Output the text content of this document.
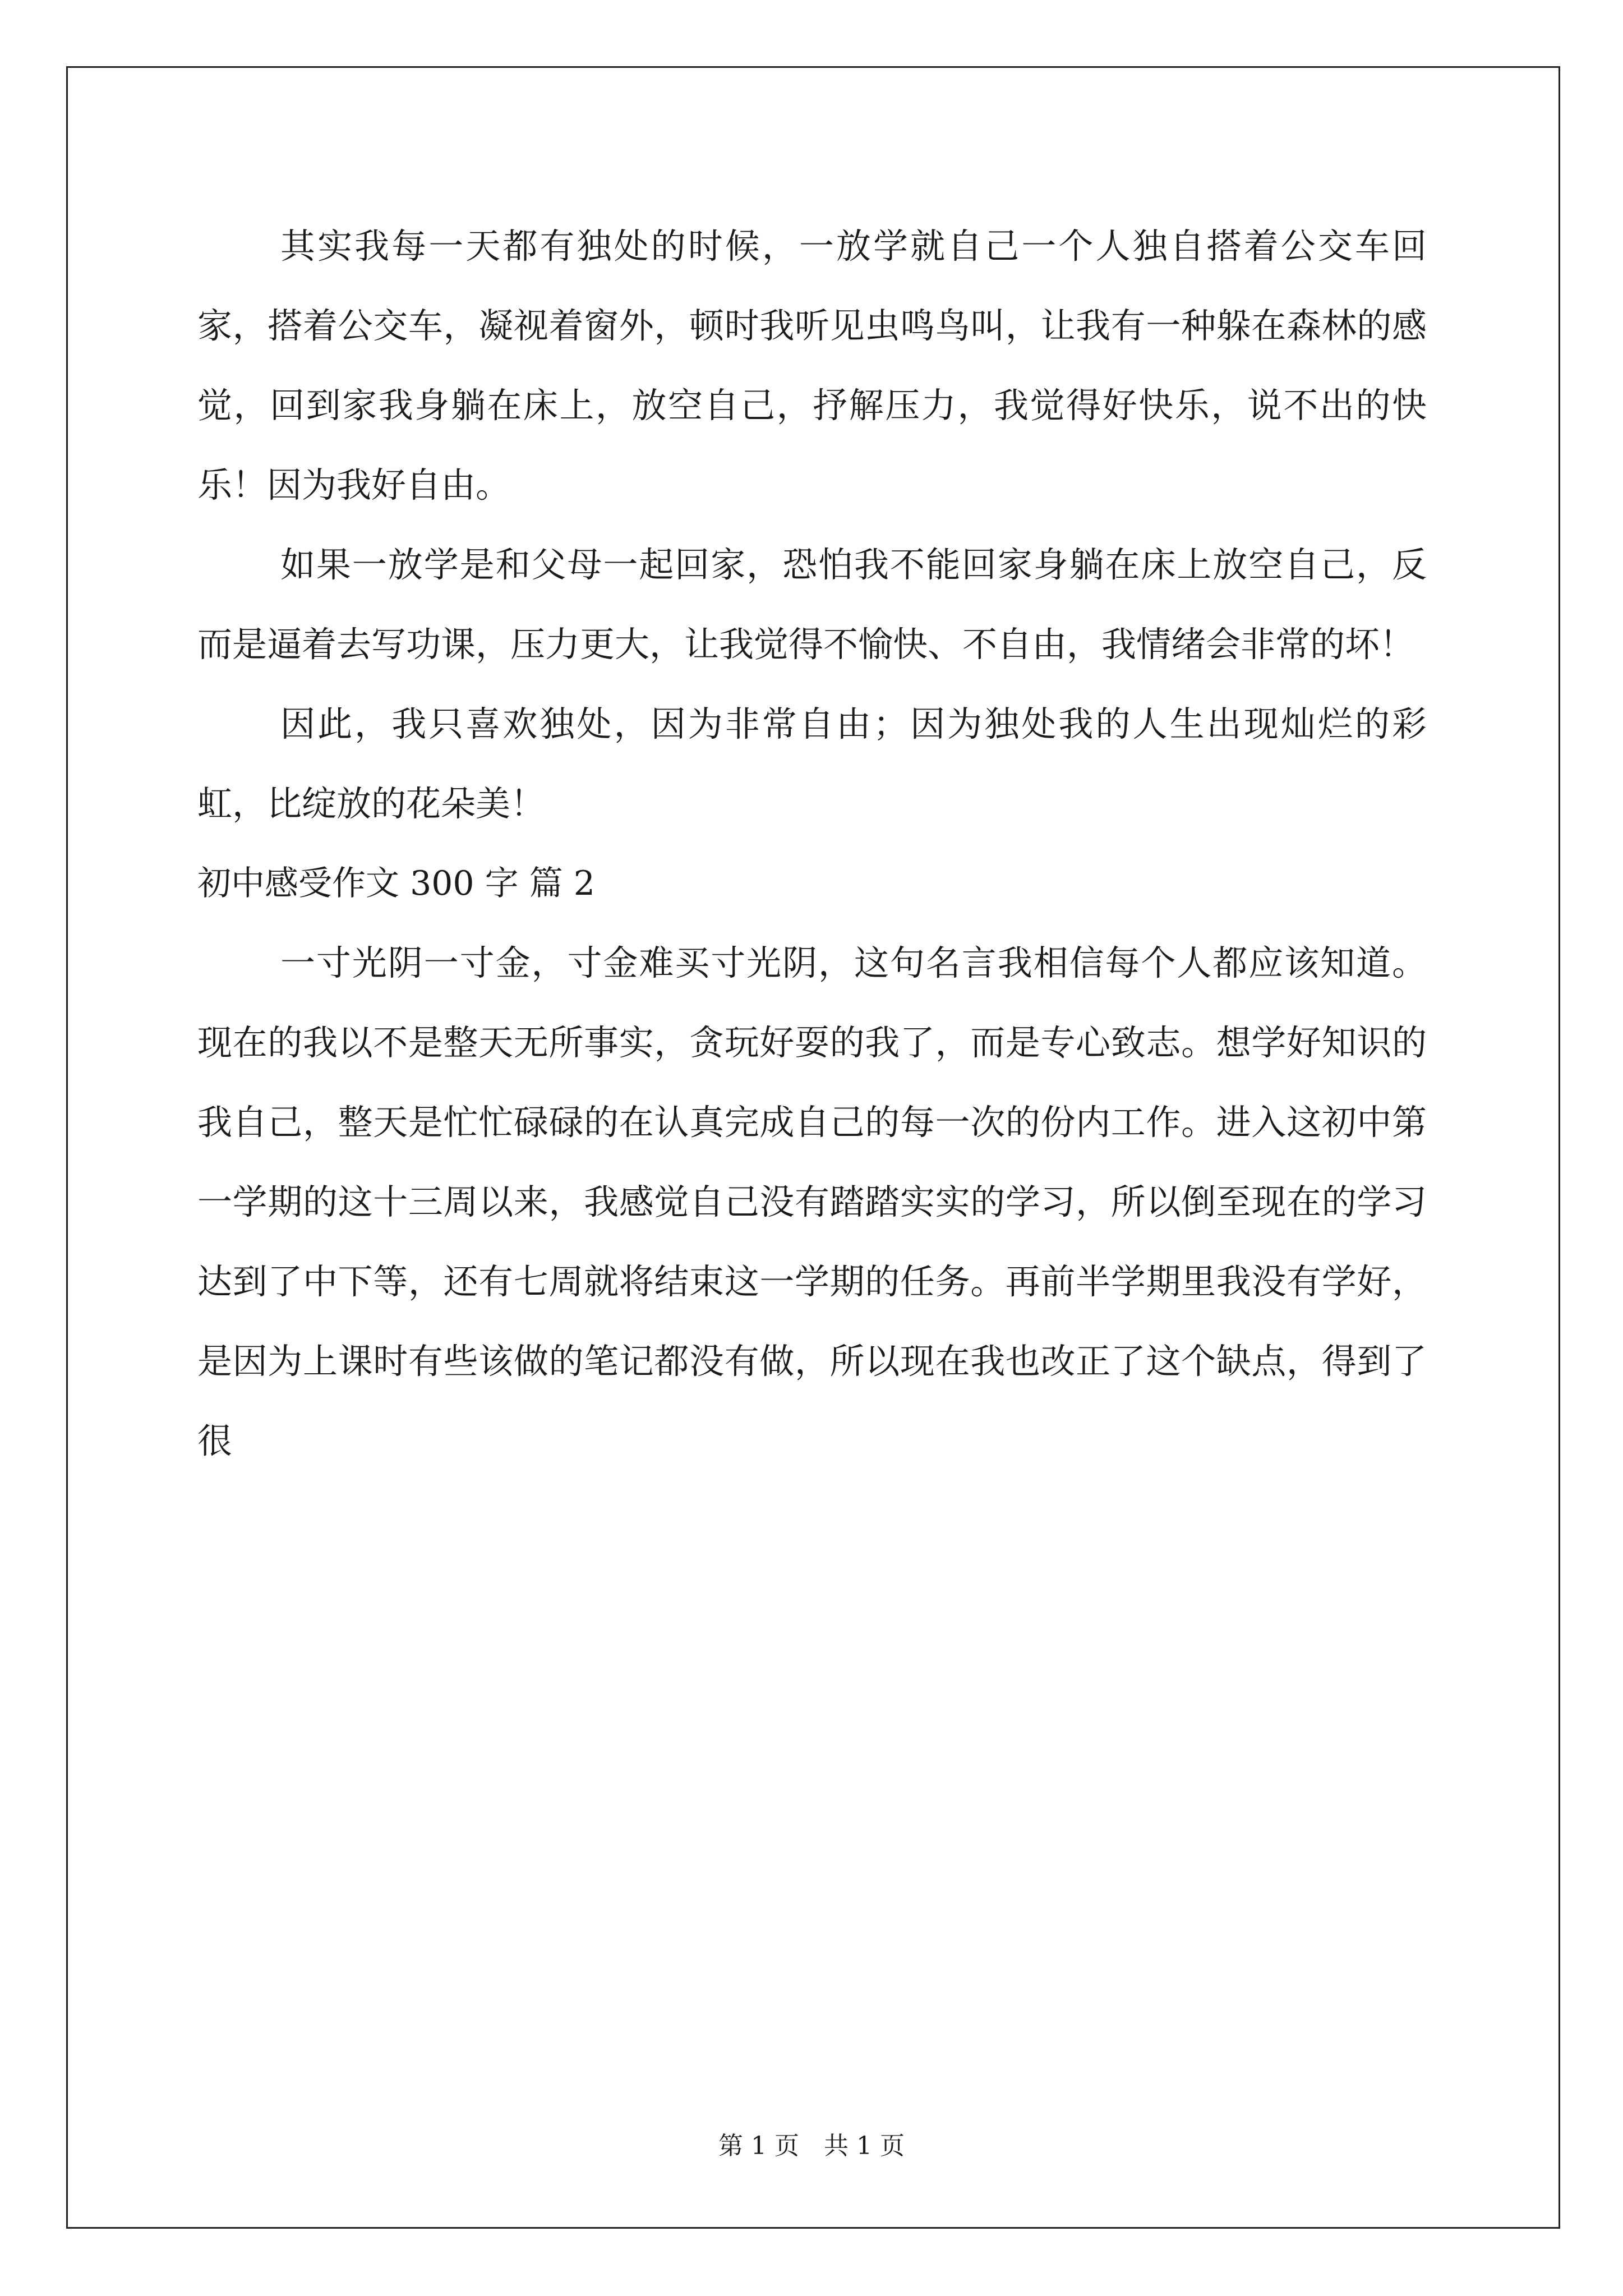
其实我每一天都有独处的时候，一放学就自己一个人独自搭着公交车回家，搭着公交车，凝视着窗外，顿时我听见虫鸣鸟叫，让我有一种躲在森林的感觉，回到家我身躺在床上，放空自己，抒解压力，我觉得好快乐，说不出的快乐！因为我好自由。

如果一放学是和父母一起回家，恐怕我不能回家身躺在床上放空自己，反而是逼着去写功课，压力更大，让我觉得不愉快、不自由，我情绪会非常的坏！

因此，我只喜欢独处，因为非常自由；因为独处我的人生出现灿烂的彩虹，比绽放的花朵美！

初中感受作文 300 字 篇 2

一寸光阴一寸金，寸金难买寸光阴，这句名言我相信每个人都应该知道。现在的我以不是整天无所事实，贪玩好耍的我了，而是专心致志。想学好知识的我自己，整天是忙忙碌碌的在认真完成自己的每一次的份内工作。进入这初中第一学期的这十三周以来，我感觉自己没有踏踏实实的学习，所以倒至现在的学习达到了中下等，还有七周就将结束这一学期的任务。再前半学期里我没有学好，是因为上课时有些该做的笔记都没有做，所以现在我也改正了这个缺点，得到了很

第 1 页 共 1 页
